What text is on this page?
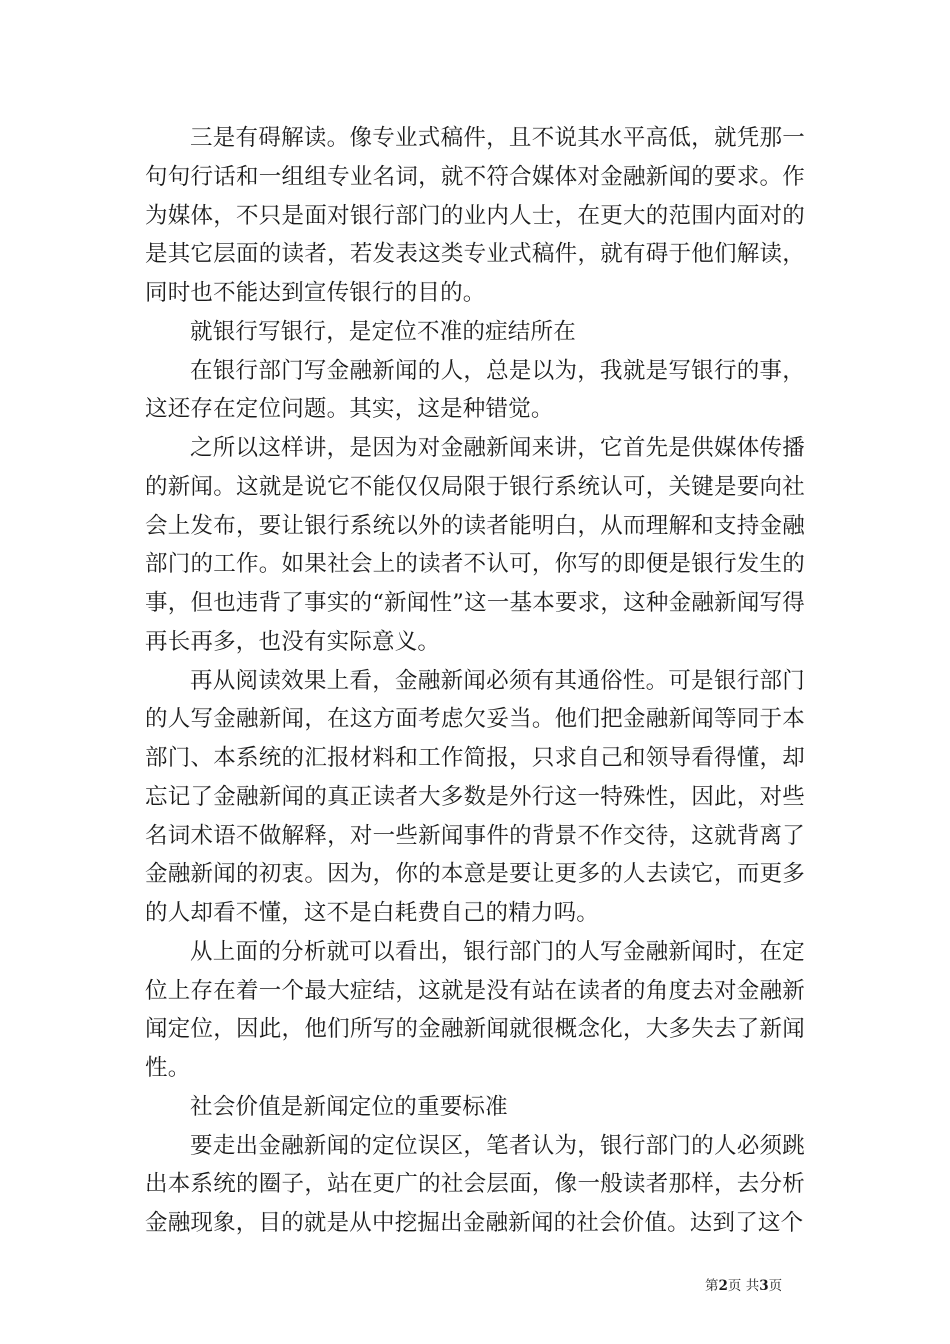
三是有碍解读。像专业式稿件，且不说其水平高低，就凭那一句句行话和一组组专业名词，就不符合媒体对金融新闻的要求。作为媒体，不只是面对银行部门的业内人士，在更大的范围内面对的是其它层面的读者，若发表这类专业式稿件，就有碍于他们解读，同时也不能达到宣传银行的目的。

就银行写银行，是定位不准的症结所在

在银行部门写金融新闻的人，总是以为，我就是写银行的事，这还存在定位问题。其实，这是种错觉。

之所以这样讲，是因为对金融新闻来讲，它首先是供媒体传播的新闻。这就是说它不能仅仅局限于银行系统认可，关键是要向社会上发布，要让银行系统以外的读者能明白，从而理解和支持金融部门的工作。如果社会上的读者不认可，你写的即便是银行发生的事，但也违背了事实的“新闻性”这一基本要求，这种金融新闻写得再长再多，也没有实际意义。

再从阅读效果上看，金融新闻必须有其通俗性。可是银行部门的人写金融新闻，在这方面考虑欠妥当。他们把金融新闻等同于本部门、本系统的汇报材料和工作简报，只求自己和领导看得懂，却忘记了金融新闻的真正读者大多数是外行这一特殊性，因此，对些名词术语不做解释，对一些新闻事件的背景不作交待，这就背离了金融新闻的初衷。因为，你的本意是要让更多的人去读它，而更多的人却看不懂，这不是白耗费自己的精力吗。

从上面的分析就可以看出，银行部门的人写金融新闻时，在定位上存在着一个最大症结，这就是没有站在读者的角度去对金融新闻定位，因此，他们所写的金融新闻就很概念化，大多失去了新闻性。

社会价值是新闻定位的重要标准

要走出金融新闻的定位误区，笔者认为，银行部门的人必须跳出本系统的圈子，站在更广的社会层面，像一般读者那样，去分析金融现象，目的就是从中挖掘出金融新闻的社会价值。达到了这个

第2页 共3页
